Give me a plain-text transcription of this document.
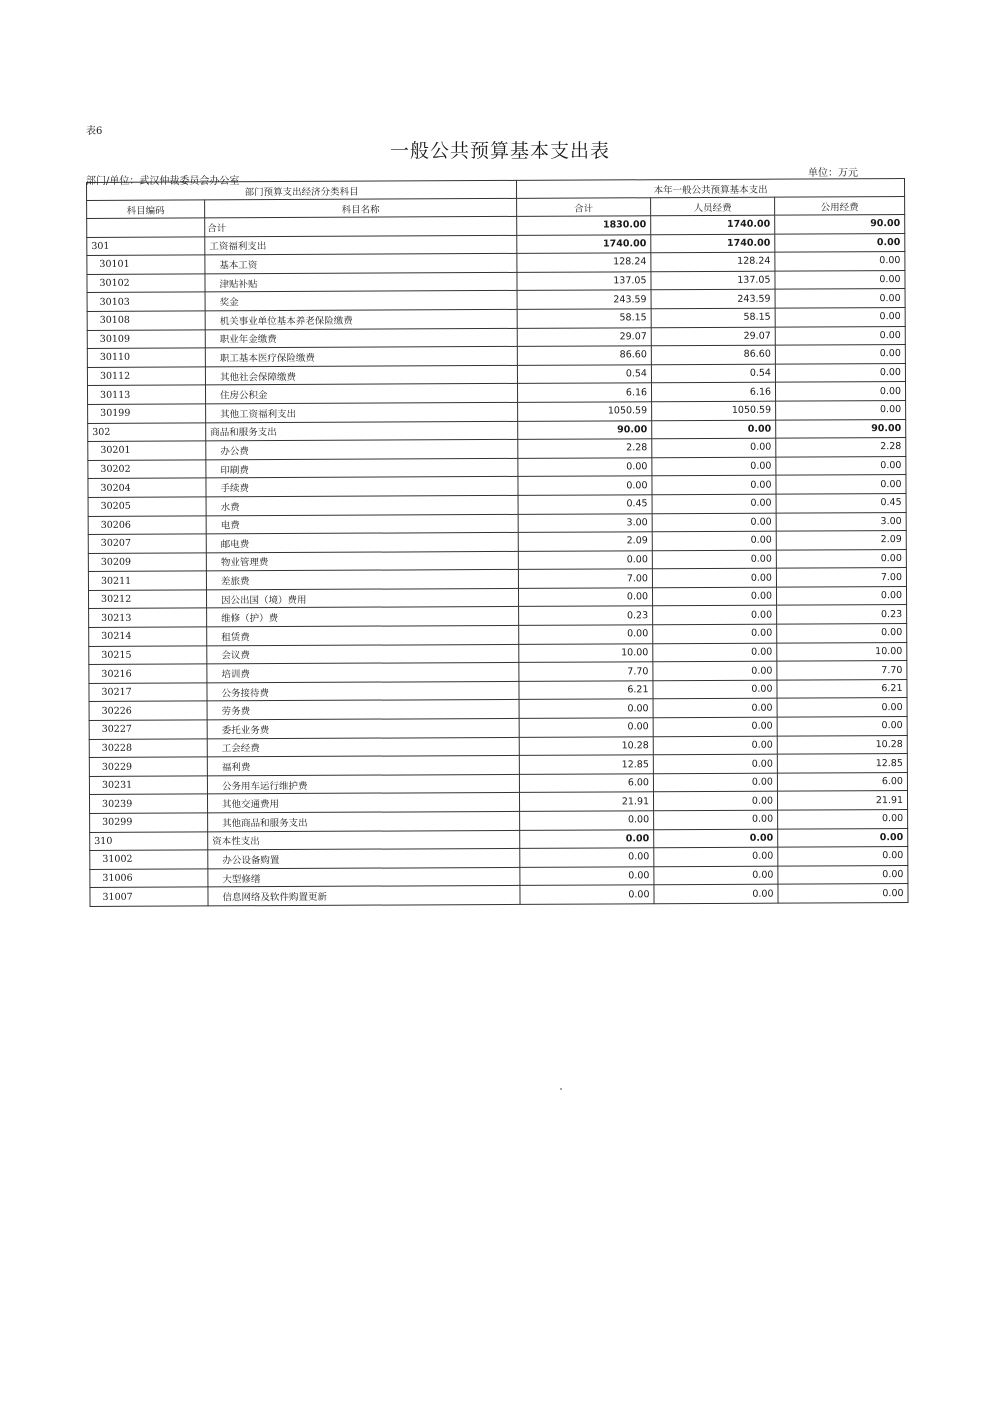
表6
一般公共预算基本支出表
单位：万元
部门/单位：武汉仲裁委员会办公室
部门预算支出经济分类科目		本年一般公共预算基本支出		
科目编码	科目名称	合计	人员经费	公用经费
	合计	1830.00	1740.00	90.00
301	工资福利支出	1740.00	1740.00	0.00
30101	基本工资	128.24	128.24	0.00
30102	津贴补贴	137.05	137.05	0.00
30103	奖金	243.59	243.59	0.00
30108	机关事业单位基本养老保险缴费	58.15	58.15	0.00
30109	职业年金缴费	29.07	29.07	0.00
30110	职工基本医疗保险缴费	86.60	86.60	0.00
30112	其他社会保障缴费	0.54	0.54	0.00
30113	住房公积金	6.16	6.16	0.00
30199	其他工资福利支出	1050.59	1050.59	0.00
302	商品和服务支出	90.00	0.00	90.00
30201	办公费	2.28	0.00	2.28
30202	印刷费	0.00	0.00	0.00
30204	手续费	0.00	0.00	0.00
30205	水费	0.45	0.00	0.45
30206	电费	3.00	0.00	3.00
30207	邮电费	2.09	0.00	2.09
30209	物业管理费	0.00	0.00	0.00
30211	差旅费	7.00	0.00	7.00
30212	因公出国（境）费用	0.00	0.00	0.00
30213	维修（护）费	0.23	0.00	0.23
30214	租赁费	0.00	0.00	0.00
30215	会议费	10.00	0.00	10.00
30216	培训费	7.70	0.00	7.70
30217	公务接待费	6.21	0.00	6.21
30226	劳务费	0.00	0.00	0.00
30227	委托业务费	0.00	0.00	0.00
30228	工会经费	10.28	0.00	10.28
30229	福利费	12.85	0.00	12.85
30231	公务用车运行维护费	6.00	0.00	6.00
30239	其他交通费用	21.91	0.00	21.91
30299	其他商品和服务支出	0.00	0.00	0.00
310	资本性支出	0.00	0.00	0.00
31002	办公设备购置	0.00	0.00	0.00
31006	大型修缮	0.00	0.00	0.00
31007	信息网络及软件购置更新	0.00	0.00	0.00
